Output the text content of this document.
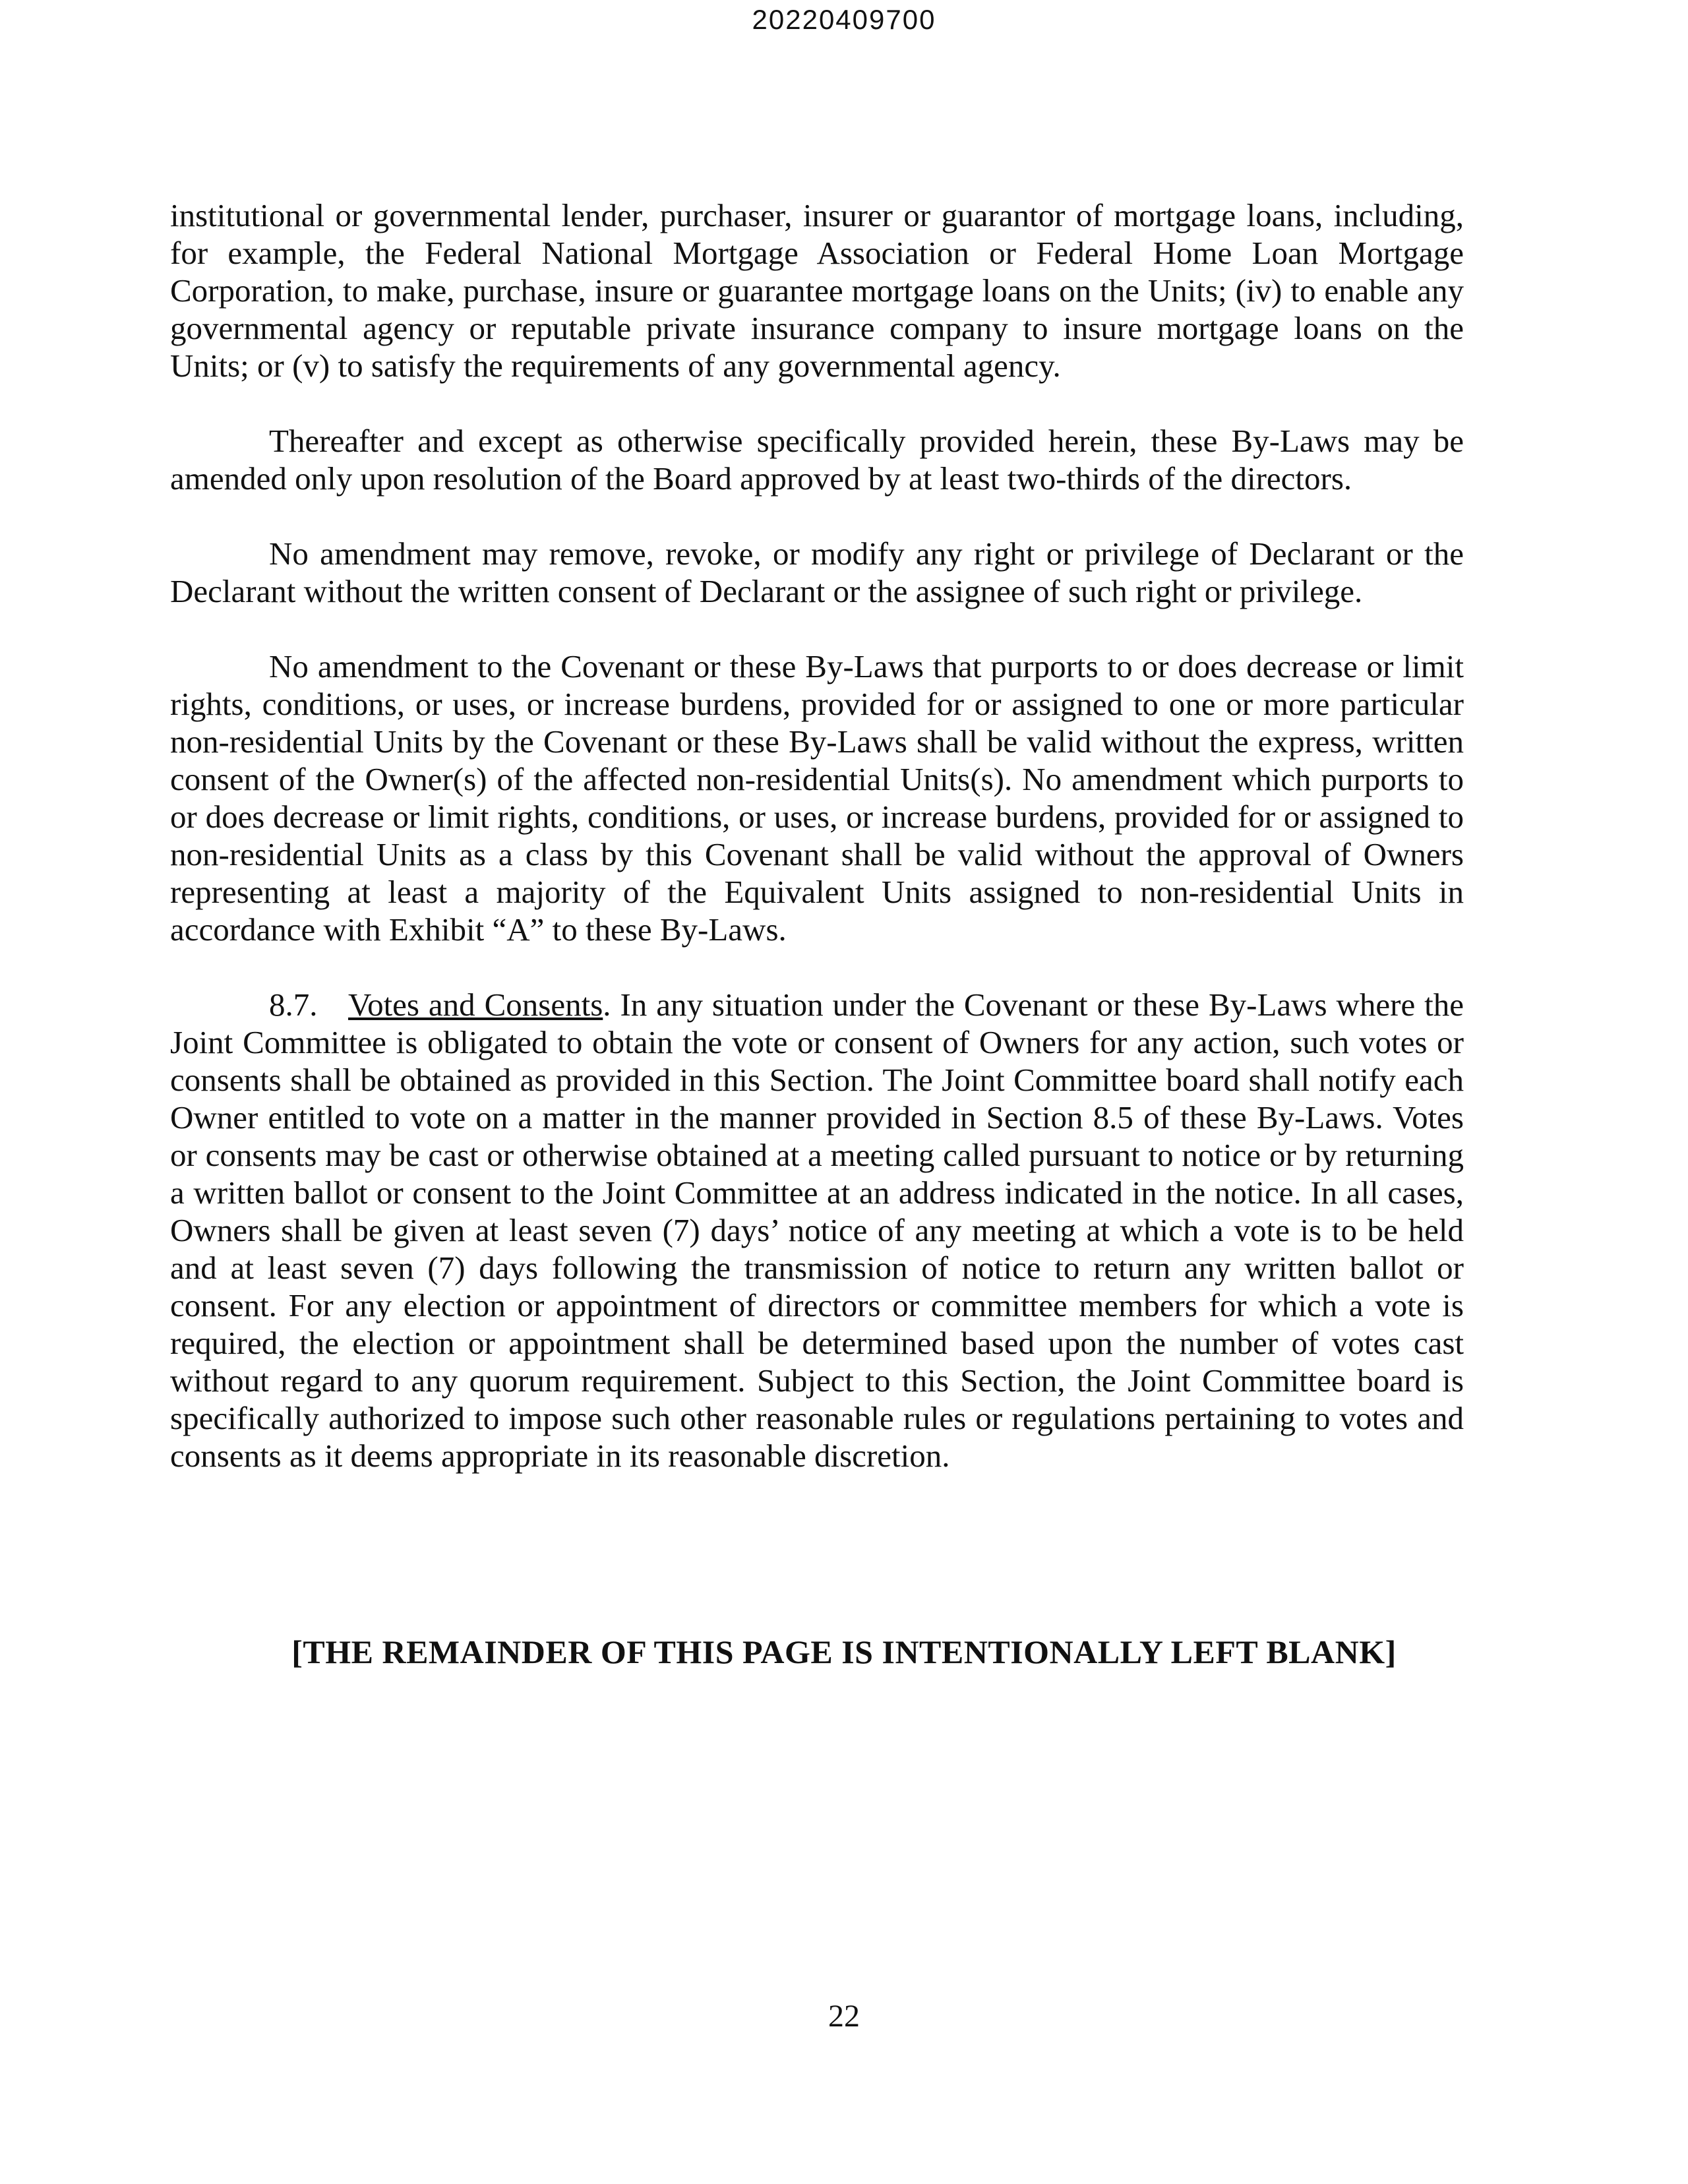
20220409700

institutional or governmental lender, purchaser, insurer or guarantor of mortgage loans, including, for example, the Federal National Mortgage Association or Federal Home Loan Mortgage Corporation, to make, purchase, insure or guarantee mortgage loans on the Units; (iv) to enable any governmental agency or reputable private insurance company to insure mortgage loans on the Units; or (v) to satisfy the requirements of any governmental agency.

Thereafter and except as otherwise specifically provided herein, these By-Laws may be amended only upon resolution of the Board approved by at least two-thirds of the directors.

No amendment may remove, revoke, or modify any right or privilege of Declarant or the Declarant without the written consent of Declarant or the assignee of such right or privilege.

No amendment to the Covenant or these By-Laws that purports to or does decrease or limit rights, conditions, or uses, or increase burdens, provided for or assigned to one or more particular non-residential Units by the Covenant or these By-Laws shall be valid without the express, written consent of the Owner(s) of the affected non-residential Units(s). No amendment which purports to or does decrease or limit rights, conditions, or uses, or increase burdens, provided for or assigned to non-residential Units as a class by this Covenant shall be valid without the approval of Owners representing at least a majority of the Equivalent Units assigned to non-residential Units in accordance with Exhibit “A” to these By-Laws.

8.7. Votes and Consents. In any situation under the Covenant or these By-Laws where the Joint Committee is obligated to obtain the vote or consent of Owners for any action, such votes or consents shall be obtained as provided in this Section. The Joint Committee board shall notify each Owner entitled to vote on a matter in the manner provided in Section 8.5 of these By-Laws. Votes or consents may be cast or otherwise obtained at a meeting called pursuant to notice or by returning a written ballot or consent to the Joint Committee at an address indicated in the notice. In all cases, Owners shall be given at least seven (7) days’ notice of any meeting at which a vote is to be held and at least seven (7) days following the transmission of notice to return any written ballot or consent. For any election or appointment of directors or committee members for which a vote is required, the election or appointment shall be determined based upon the number of votes cast without regard to any quorum requirement. Subject to this Section, the Joint Committee board is specifically authorized to impose such other reasonable rules or regulations pertaining to votes and consents as it deems appropriate in its reasonable discretion.

[THE REMAINDER OF THIS PAGE IS INTENTIONALLY LEFT BLANK]
22
